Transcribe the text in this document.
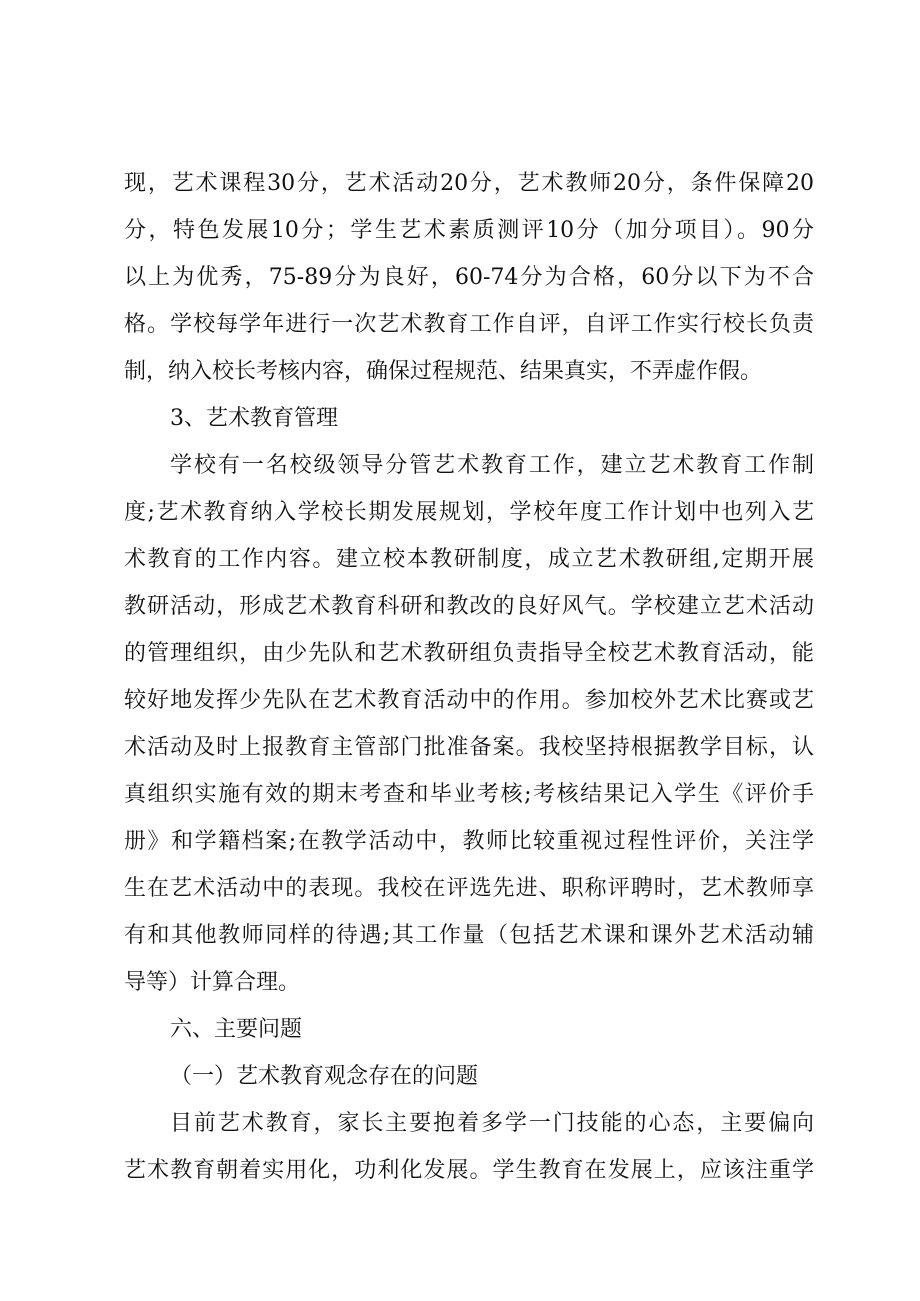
现，艺术课程30分，艺术活动20分，艺术教师20分，条件保障20
分，特色发展10分；学生艺术素质测评10分（加分项目）。90分
以上为优秀，75-89分为良好，60-74分为合格，60分以下为不合
格。学校每学年进行一次艺术教育工作自评，自评工作实行校长负责
制，纳入校长考核内容，确保过程规范、结果真实，不弄虚作假。
3、艺术教育管理
学校有一名校级领导分管艺术教育工作，建立艺术教育工作制
度;艺术教育纳入学校长期发展规划，学校年度工作计划中也列入艺
术教育的工作内容。建立校本教研制度，成立艺术教研组,定期开展
教研活动，形成艺术教育科研和教改的良好风气。学校建立艺术活动
的管理组织，由少先队和艺术教研组负责指导全校艺术教育活动，能
较好地发挥少先队在艺术教育活动中的作用。参加校外艺术比赛或艺
术活动及时上报教育主管部门批准备案。我校坚持根据教学目标，认
真组织实施有效的期末考查和毕业考核;考核结果记入学生《评价手
册》和学籍档案;在教学活动中，教师比较重视过程性评价，关注学
生在艺术活动中的表现。我校在评选先进、职称评聘时，艺术教师享
有和其他教师同样的待遇;其工作量（包括艺术课和课外艺术活动辅
导等）计算合理。
六、主要问题
（一）艺术教育观念存在的问题
目前艺术教育，家长主要抱着多学一门技能的心态，主要偏向
艺术教育朝着实用化，功利化发展。学生教育在发展上，应该注重学
